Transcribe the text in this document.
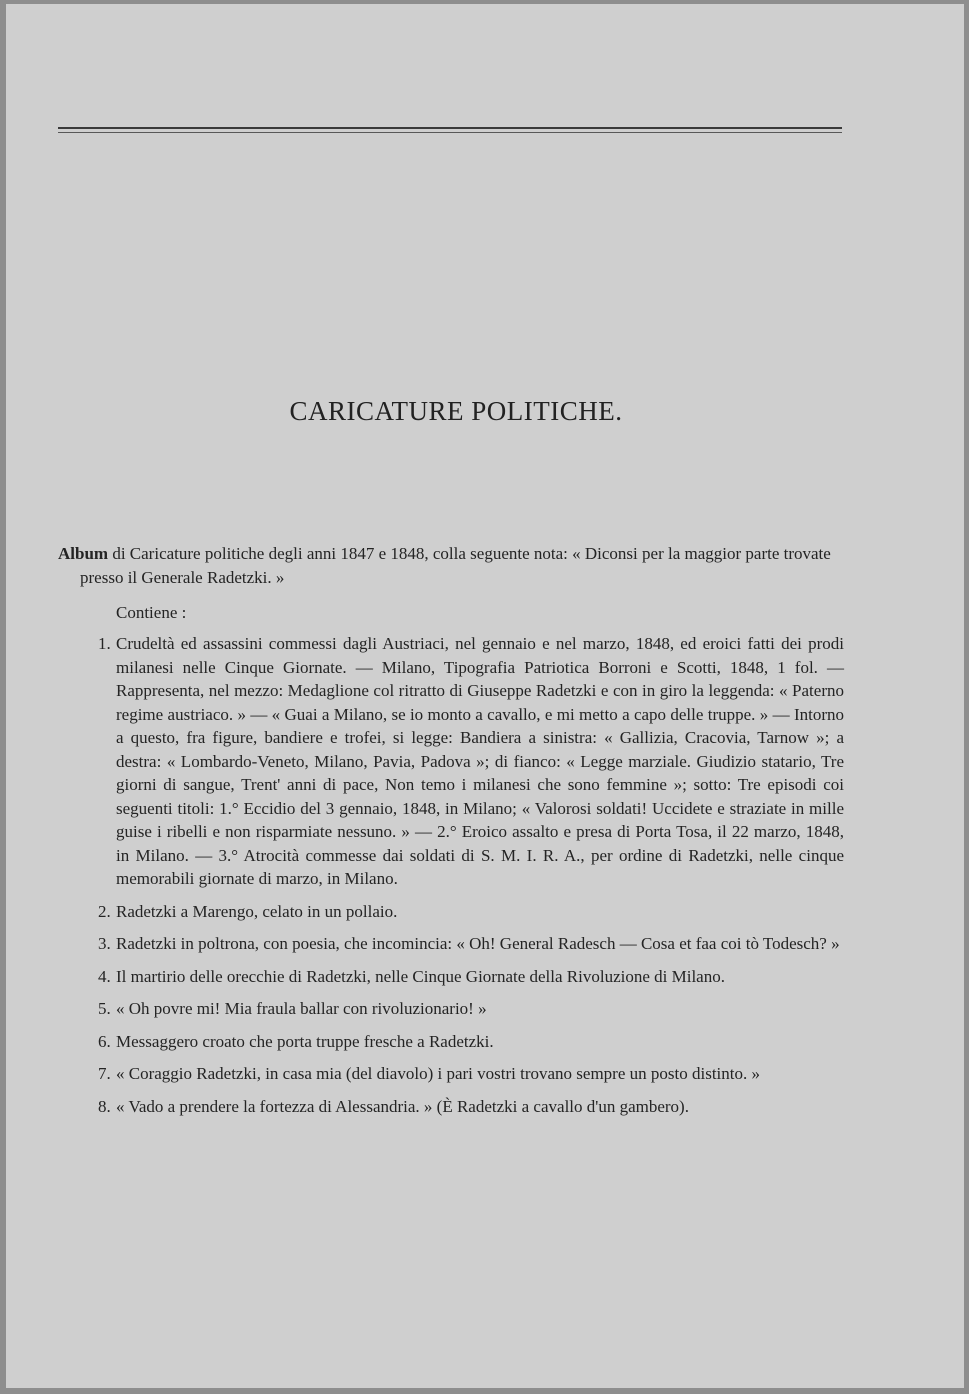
CARICATURE POLITICHE.
Album di Caricature politiche degli anni 1847 e 1848, colla seguente nota: « Diconsi per la maggior parte trovate presso il Generale Radetzki. »
Contiene :
1. Crudeltà ed assassini commessi dagli Austriaci, nel gennaio e nel marzo, 1848, ed eroici fatti dei prodi milanesi nelle Cinque Giornate. — Milano, Tipografia Patriotica Borroni e Scotti, 1848, 1 fol. — Rappresenta, nel mezzo: Medaglione col ritratto di Giuseppe Radetzki e con in giro la leggenda: « Paterno regime austriaco. » — « Guai a Milano, se io monto a cavallo, e mi metto a capo delle truppe. » — Intorno a questo, fra figure, bandiere e trofei, si legge: Bandiera a sinistra: « Gallizia, Cracovia, Tarnow »; a destra: « Lombardo-Veneto, Milano, Pavia, Padova »; di fianco: « Legge marziale. Giudizio statario, Tre giorni di sangue, Trent' anni di pace, Non temo i milanesi che sono femmine »; sotto: Tre episodi coi seguenti titoli: 1.° Eccidio del 3 gennaio, 1848, in Milano; « Valorosi soldati! Uccidete e straziate in mille guise i ribelli e non risparmiate nessuno. » — 2.° Eroico assalto e presa di Porta Tosa, il 22 marzo, 1848, in Milano. — 3.° Atrocità commesse dai soldati di S. M. I. R. A., per ordine di Radetzki, nelle cinque memorabili giornate di marzo, in Milano.
2. Radetzki a Marengo, celato in un pollaio.
3. Radetzki in poltrona, con poesia, che incomincia: « Oh! General Radesch — Cosa et faa coi tò Todesch? »
4. Il martirio delle orecchie di Radetzki, nelle Cinque Giornate della Rivoluzione di Milano.
5. « Oh povre mi! Mia fraula ballar con rivoluzionario! »
6. Messaggero croato che porta truppe fresche a Radetzki.
7. « Coraggio Radetzki, in casa mia (del diavolo) i pari vostri trovano sempre un posto distinto. »
8. « Vado a prendere la fortezza di Alessandria. » (È Radetzki a cavallo d'un gambero).
